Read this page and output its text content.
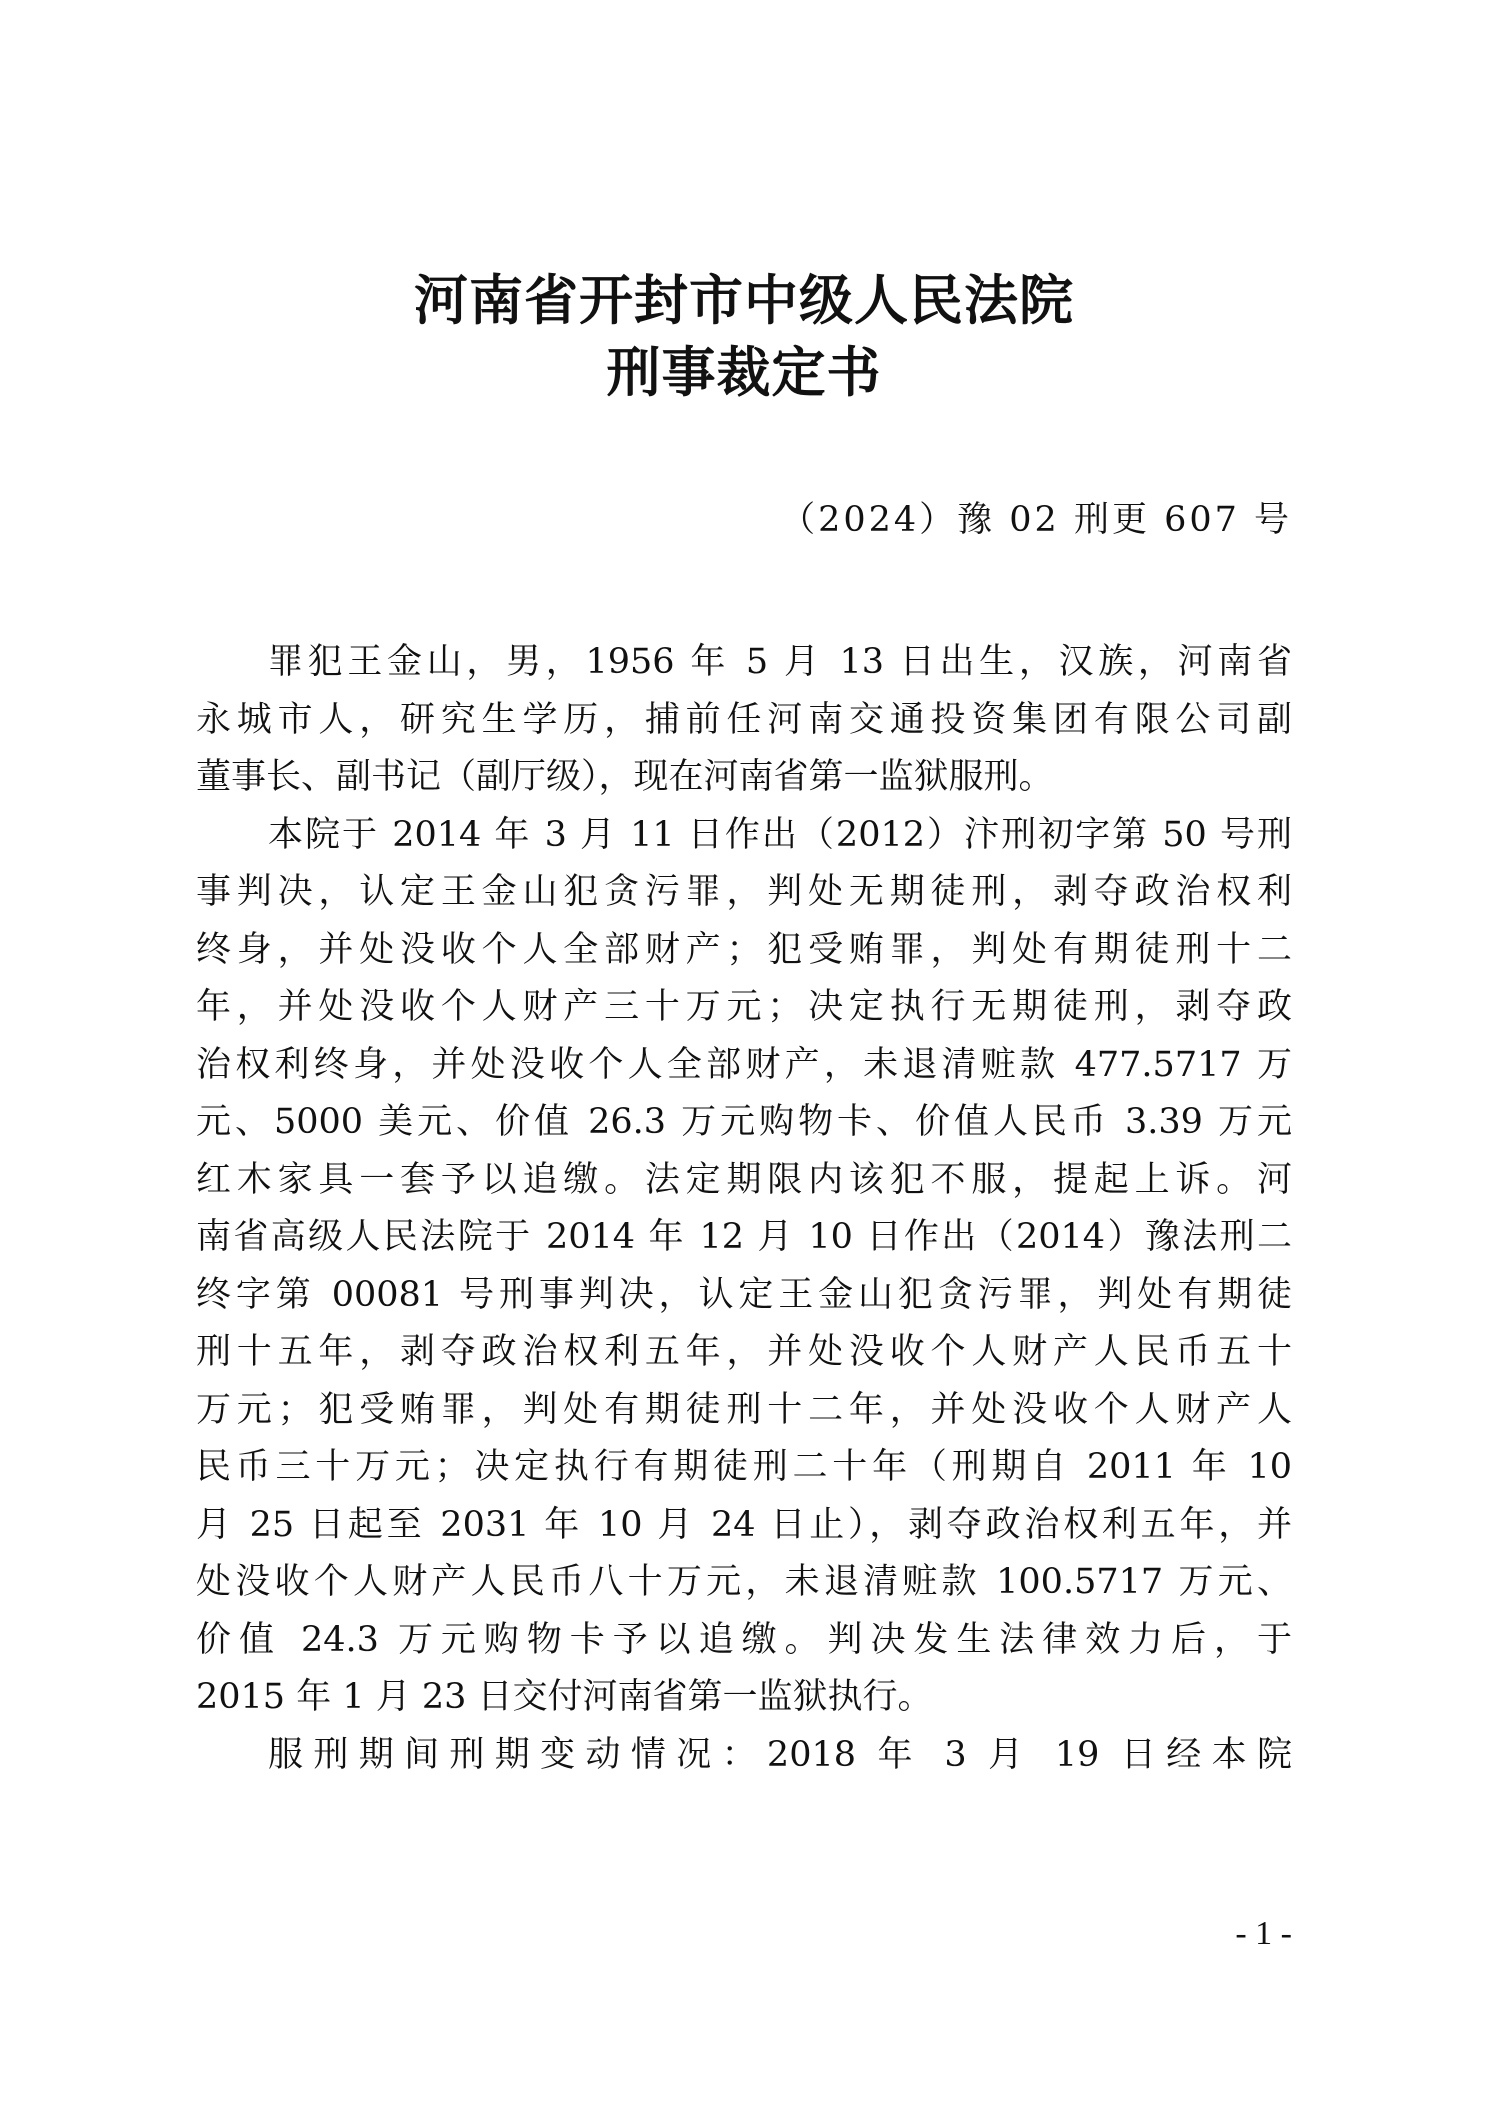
河南省开封市中级人民法院
刑事裁定书
（2024）豫 02 刑更 607 号
罪犯王金山，男，1956 年 5 月 13 日出生，汉族，河南省
永城市人，研究生学历，捕前任河南交通投资集团有限公司副
董事长、副书记（副厅级），现在河南省第一监狱服刑。
本院于 2014 年 3 月 11 日作出（2012）汴刑初字第 50 号刑
事判决，认定王金山犯贪污罪，判处无期徒刑，剥夺政治权利
终身，并处没收个人全部财产；犯受贿罪，判处有期徒刑十二
年，并处没收个人财产三十万元；决定执行无期徒刑，剥夺政
治权利终身，并处没收个人全部财产，未退清赃款 477.5717 万
元、5000 美元、价值 26.3 万元购物卡、价值人民币 3.39 万元
红木家具一套予以追缴。法定期限内该犯不服，提起上诉。河
南省高级人民法院于 2014 年 12 月 10 日作出（2014）豫法刑二
终字第 00081 号刑事判决，认定王金山犯贪污罪，判处有期徒
刑十五年，剥夺政治权利五年，并处没收个人财产人民币五十
万元；犯受贿罪，判处有期徒刑十二年，并处没收个人财产人
民币三十万元；决定执行有期徒刑二十年（刑期自 2011 年 10
月 25 日起至 2031 年 10 月 24 日止），剥夺政治权利五年，并
处没收个人财产人民币八十万元，未退清赃款 100.5717 万元、
价值 24.3 万元购物卡予以追缴。判决发生法律效力后，于
2015 年 1 月 23 日交付河南省第一监狱执行。
服刑期间刑期变动情况：2018 年 3 月 19 日经本院
- 1 -
